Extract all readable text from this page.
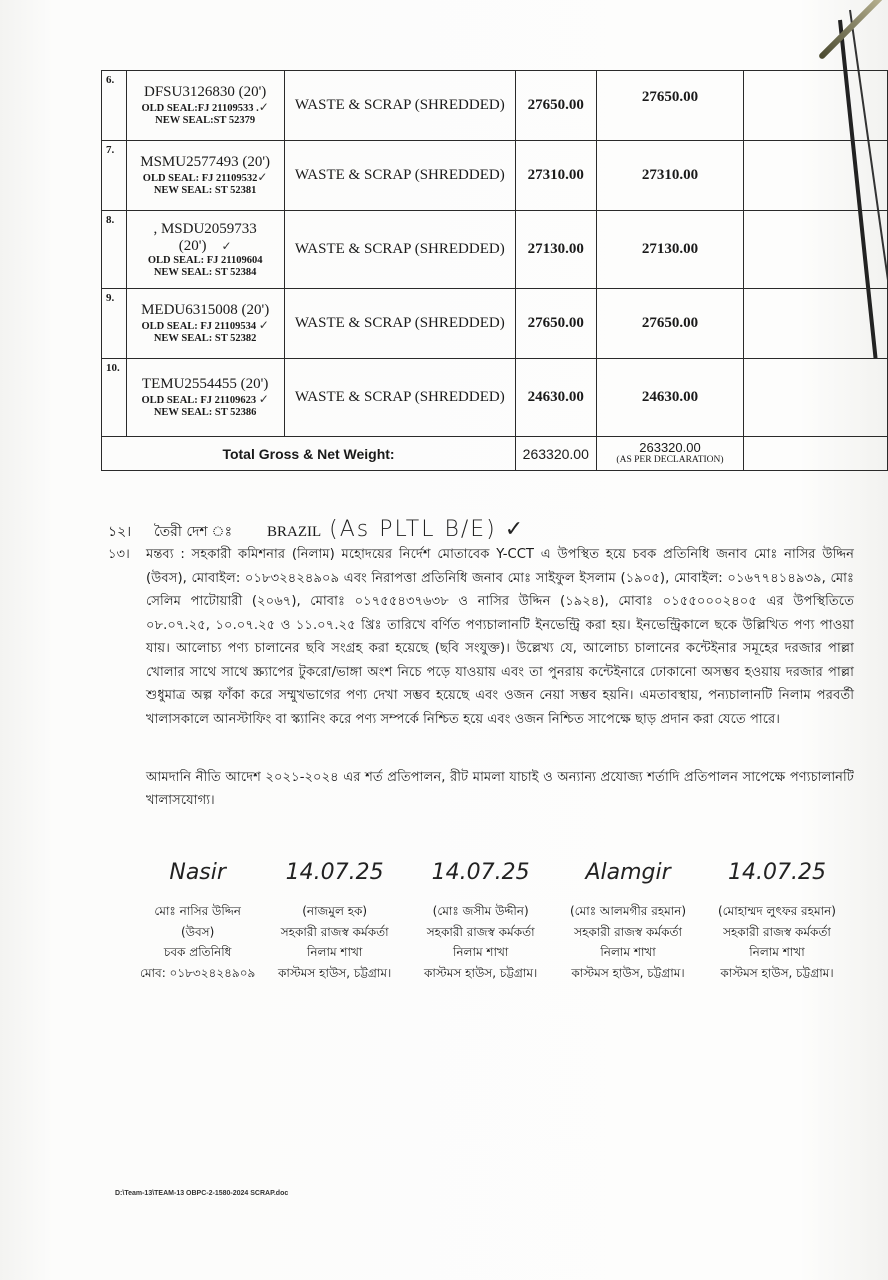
6.	DFSU3126830 (20')
OLD SEAL:FJ 21109533 .✓
NEW SEAL:ST 52379	WASTE & SCRAP (SHREDDED)	27650.00	27650.00	
7.	MSMU2577493 (20')
OLD SEAL: FJ 21109532✓
NEW SEAL: ST 52381	WASTE & SCRAP (SHREDDED)	27310.00	27310.00	
8.	, MSDU2059733
(20') ✓
OLD SEAL: FJ 21109604
NEW SEAL: ST 52384	WASTE & SCRAP (SHREDDED)	27130.00	27130.00	
9.	MEDU6315008 (20')
OLD SEAL: FJ 21109534 ✓
NEW SEAL: ST 52382	WASTE & SCRAP (SHREDDED)	27650.00	27650.00	
10.	TEMU2554455 (20')
OLD SEAL: FJ 21109623 ✓
NEW SEAL: ST 52386	WASTE & SCRAP (SHREDDED)	24630.00	24630.00	
Total Gross & Net Weight:			263320.00	263320.00
(AS PER DECLARATION)	

১২। তৈরী দেশ ঃ BRAZIL (As PLTL B/E) ✓
১৩। মন্তব্য : সহকারী কমিশনার (নিলাম) মহোদয়ের নির্দেশ মোতাবেক Y-CCT এ উপস্থিত হয়ে চবক প্রতিনিধি জনাব মোঃ নাসির উদ্দিন (উবস), মোবাইল: ০১৮৩২৪২৪৯০৯ এবং নিরাপত্তা প্রতিনিধি জনাব মোঃ সাইফুল ইসলাম (১৯০৫), মোবাইল: ০১৬৭৭৪১৪৯৩৯, মোঃ সেলিম পাটোয়ারী (২০৬৭), মোবাঃ ০১৭৫৫৪৩৭৬৩৮ ও নাসির উদ্দিন (১৯২৪), মোবাঃ ০১৫৫০০০২৪০৫ এর উপস্থিতিতে ০৮.০৭.২৫, ১০.০৭.২৫ ও ১১.০৭.২৫ খ্রিঃ তারিখে বর্ণিত পণ্যচালানটি ইনভেন্ট্রি করা হয়। ইনভেন্ট্রিকালে ছকে উল্লিখিত পণ্য পাওয়া যায়। আলোচ্য পণ্য চালানের ছবি সংগ্রহ করা হয়েছে (ছবি সংযুক্ত)। উল্লেখ্য যে, আলোচ্য চালানের কন্টেইনার সমূহের দরজার পাল্লা খোলার সাথে সাথে স্ক্র্যাপের টুকরো/ভাঙ্গা অংশ নিচে পড়ে যাওয়ায় এবং তা পুনরায় কন্টেইনারে ঢোকানো অসম্ভব হওয়ায় দরজার পাল্লা শুধুমাত্র অল্প ফাঁকা করে সম্মুখভাগের পণ্য দেখা সম্ভব হয়েছে এবং ওজন নেয়া সম্ভব হয়নি। এমতাবস্থায়, পন্যচালানটি নিলাম পরবর্তী খালাসকালে আনস্টাফিং বা স্ক্যানিং করে পণ্য সম্পর্কে নিশ্চিত হয়ে এবং ওজন নিশ্চিত সাপেক্ষে ছাড় প্রদান করা যেতে পারে।
আমদানি নীতি আদেশ ২০২১-২০২৪ এর শর্ত প্রতিপালন, রীট মামলা যাচাই ও অন্যান্য প্রযোজ্য শর্তাদি প্রতিপালন সাপেক্ষে পণ্যচালানটি খালাসযোগ্য।
Nasir
মোঃ নাসির উদ্দিন
(উবস)
চবক প্রতিনিধি
মোব: ০১৮৩২৪২৪৯০৯
14.07.25
(নাজমুল হক)
সহকারী রাজস্ব কর্মকর্তা
নিলাম শাখা
কাস্টমস হাউস, চট্টগ্রাম।
14.07.25
(মোঃ জসীম উদ্দীন)
সহকারী রাজস্ব কর্মকর্তা
নিলাম শাখা
কাস্টমস হাউস, চট্টগ্রাম।
Alamgir
(মোঃ আলমগীর রহমান)
সহকারী রাজস্ব কর্মকর্তা
নিলাম শাখা
কাস্টমস হাউস, চট্টগ্রাম।
14.07.25
(মোহাম্মদ লুৎফর রহমান)
সহকারী রাজস্ব কর্মকর্তা
নিলাম শাখা
কাস্টমস হাউস, চট্টগ্রাম।
D:\Team-13\TEAM-13 OBPC-2-1580-2024 SCRAP.doc
